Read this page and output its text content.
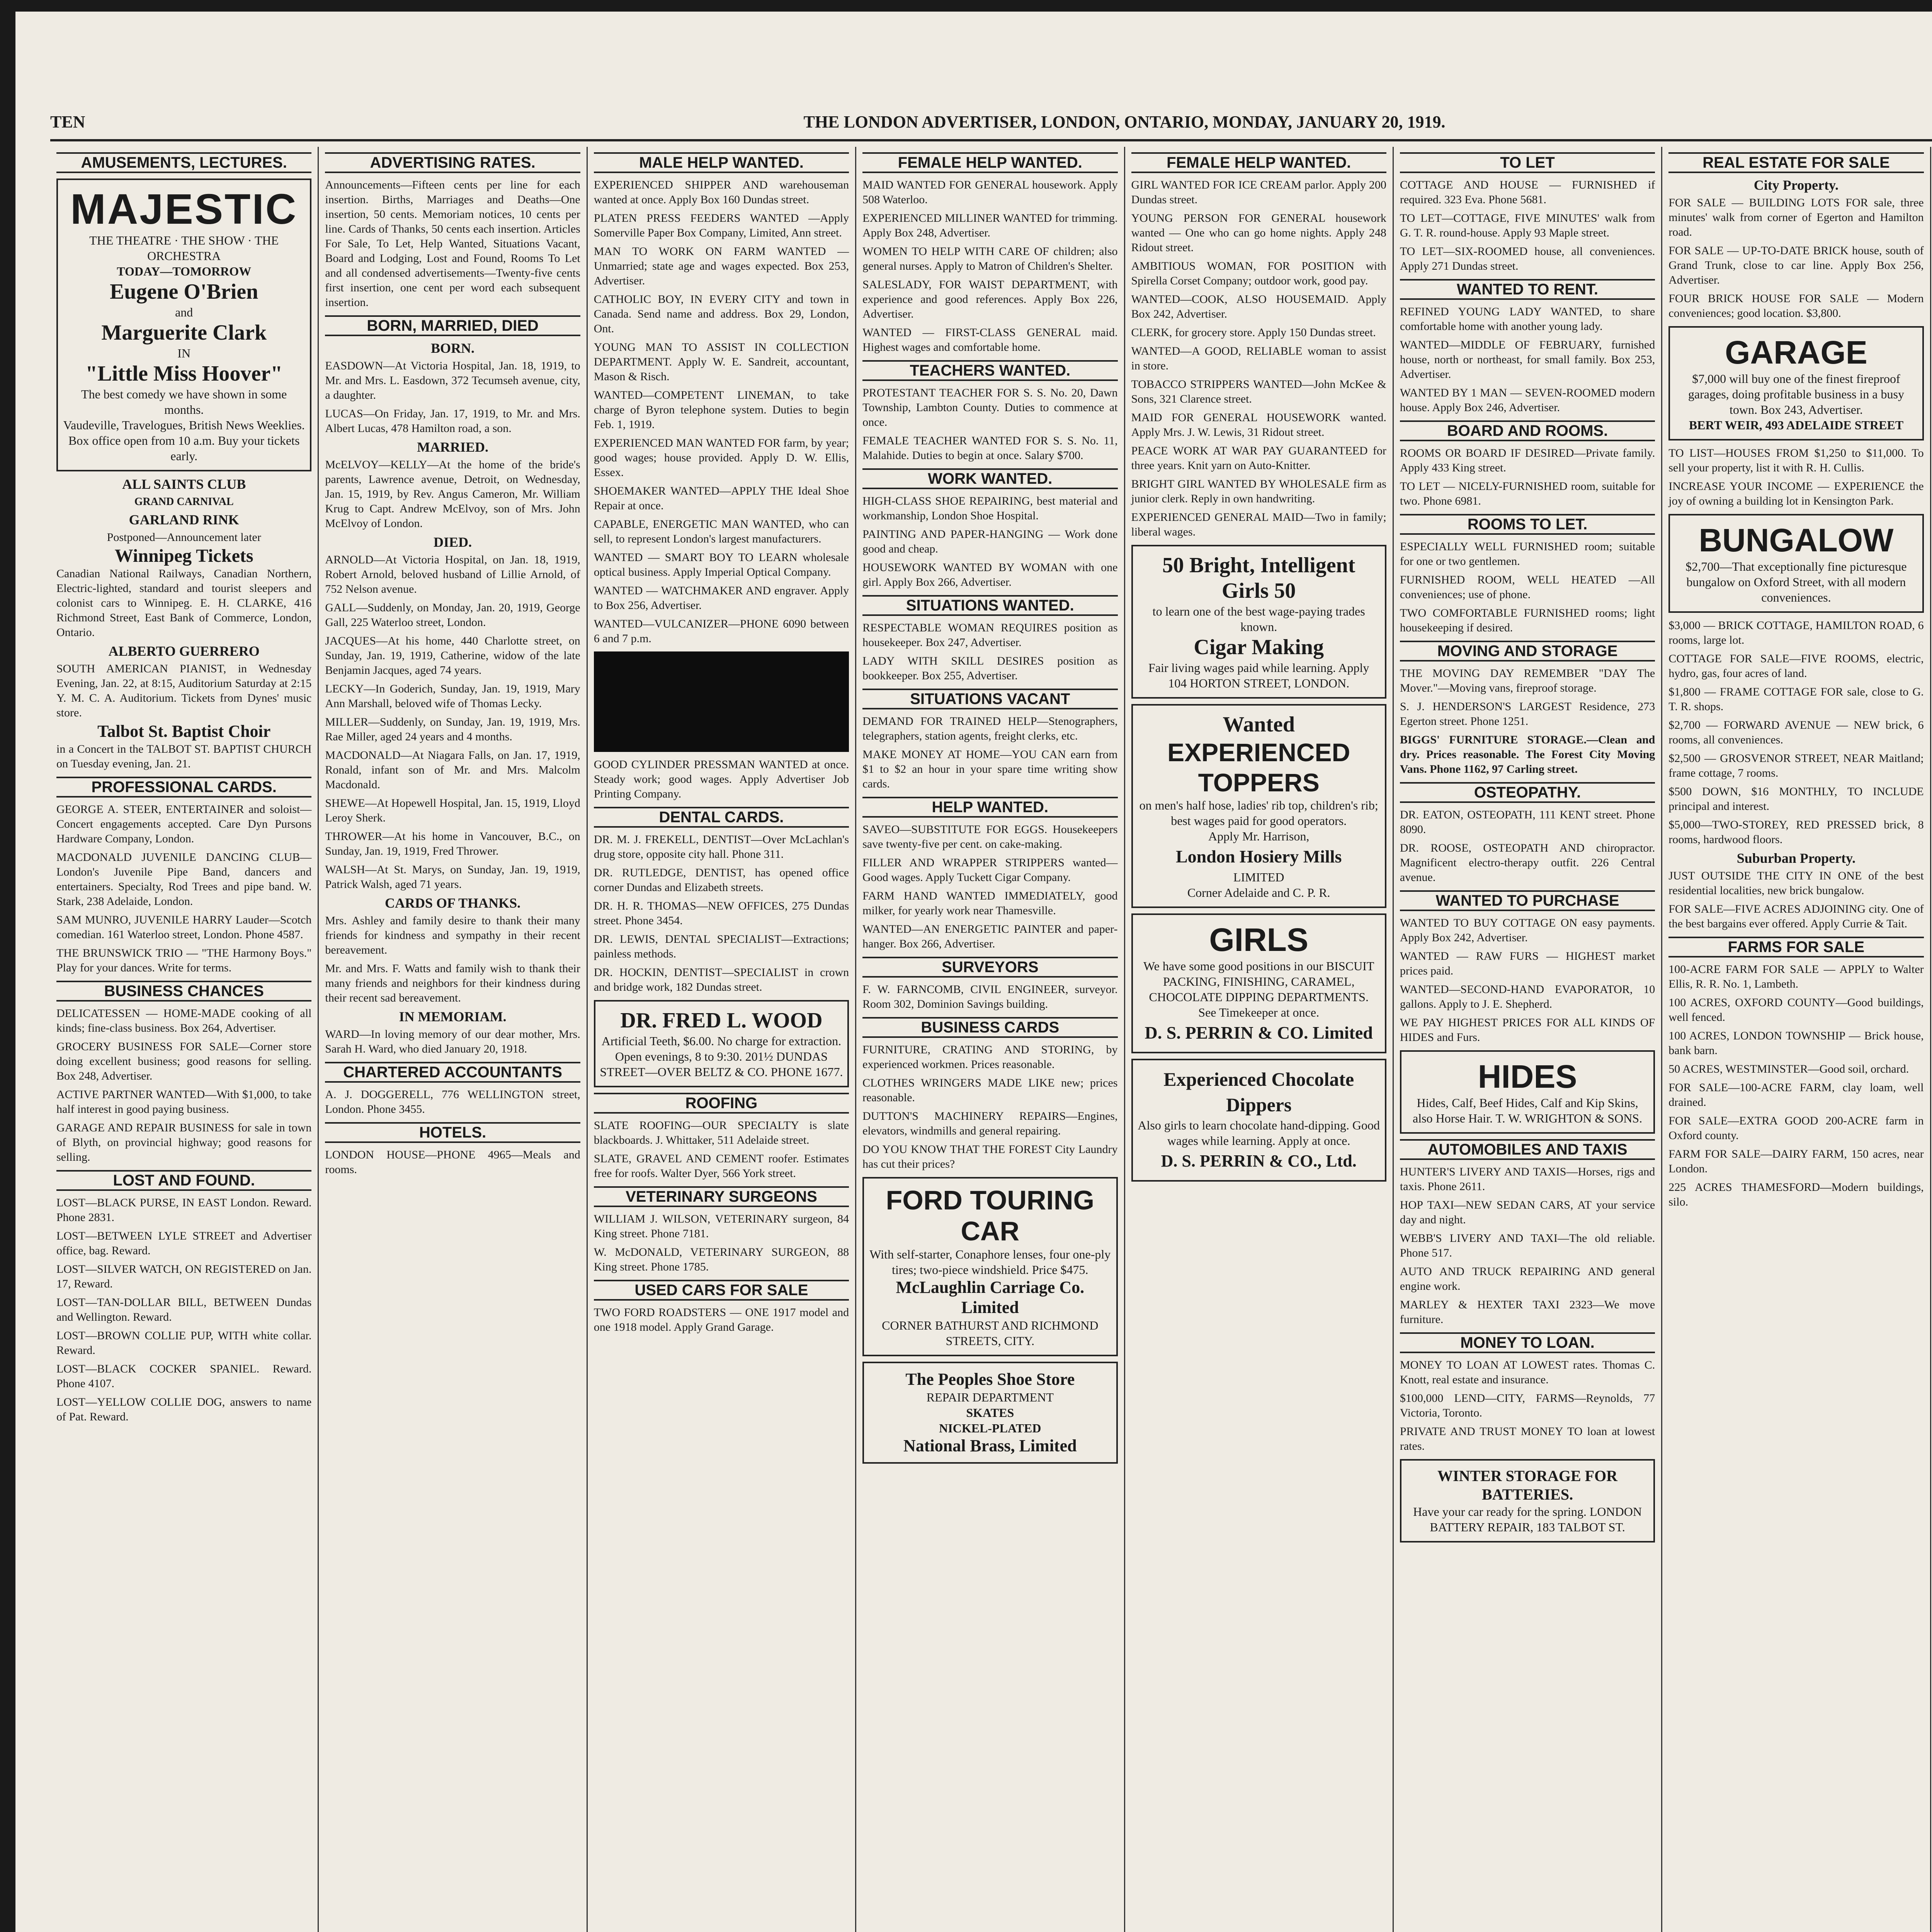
TEN	THE LONDON ADVERTISER, LONDON, ONTARIO, MONDAY, JANUARY 20, 1919.
AMUSEMENTS, LECTURES.
MAJESTIC
THE THEATRE · THE SHOW · THE ORCHESTRA
TODAY—TOMORROW
Eugene O'Brien
and
Marguerite Clark
IN
"Little Miss Hoover"
The best comedy we have shown in some months.
Vaudeville, Travelogues, British News Weeklies.
Box office open from 10 a.m. Buy your tickets early.
ALL SAINTS CLUB
GRAND CARNIVAL
GARLAND RINK
Postponed—Announcement later
Winnipeg Tickets
Canadian National Railways, Canadian Northern, Electric-lighted, standard and tourist sleepers and colonist cars to Winnipeg. E. H. CLARKE, 416 Richmond Street, East Bank of Commerce, London, Ontario.
ALBERTO GUERRERO
SOUTH AMERICAN PIANIST, in Wednesday Evening, Jan. 22, at 8:15, Auditorium Saturday at 2:15 Y. M. C. A. Auditorium. Tickets from Dynes' music store.
Talbot St. Baptist Choir
in a Concert in the TALBOT ST. BAPTIST CHURCH on Tuesday evening, Jan. 21.
PROFESSIONAL CARDS.
GEORGE A. STEER, ENTERTAINER and soloist—Concert engagements accepted. Care Dyn Pursons Hardware Company, London.
MACDONALD JUVENILE DANCING CLUB—London's Juvenile Pipe Band, dancers and entertainers. Specialty, Rod Trees and pipe band. W. Stark, 238 Adelaide, London.
SAM MUNRO, JUVENILE HARRY Lauder—Scotch comedian. 161 Waterloo street, London. Phone 4587.
THE BRUNSWICK TRIO — "THE Harmony Boys." Play for your dances. Write for terms.
BUSINESS CHANCES
DELICATESSEN — HOME-MADE cooking of all kinds; fine-class business. Box 264, Advertiser.
GROCERY BUSINESS FOR SALE—Corner store doing excellent business; good reasons for selling. Box 248, Advertiser.
ACTIVE PARTNER WANTED—With $1,000, to take half interest in good paying business.
GARAGE AND REPAIR BUSINESS for sale in town of Blyth, on provincial highway; good reasons for selling.
LOST AND FOUND.
LOST—BLACK PURSE, IN EAST London. Reward. Phone 2831.
LOST—BETWEEN LYLE STREET and Advertiser office, bag. Reward.
LOST—SILVER WATCH, ON REGISTERED on Jan. 17, Reward.
LOST—TAN-DOLLAR BILL, BETWEEN Dundas and Wellington. Reward.
LOST—BROWN COLLIE PUP, WITH white collar. Reward.
LOST—BLACK COCKER SPANIEL. Reward. Phone 4107.
LOST—YELLOW COLLIE DOG, answers to name of Pat. Reward.
ADVERTISING RATES.
Announcements—Fifteen cents per line for each insertion. Births, Marriages and Deaths—One insertion, 50 cents. Memoriam notices, 10 cents per line. Cards of Thanks, 50 cents each insertion. Articles For Sale, To Let, Help Wanted, Situations Vacant, Board and Lodging, Lost and Found, Rooms To Let and all condensed advertisements—Twenty-five cents first insertion, one cent per word each subsequent insertion.
BORN, MARRIED, DIED
BORN.
EASDOWN—At Victoria Hospital, Jan. 18, 1919, to Mr. and Mrs. L. Easdown, 372 Tecumseh avenue, city, a daughter.
LUCAS—On Friday, Jan. 17, 1919, to Mr. and Mrs. Albert Lucas, 478 Hamilton road, a son.
MARRIED.
McELVOY—KELLY—At the home of the bride's parents, Lawrence avenue, Detroit, on Wednesday, Jan. 15, 1919, by Rev. Angus Cameron, Mr. William Krug to Capt. Andrew McElvoy, son of Mrs. John McElvoy of London.
DIED.
ARNOLD—At Victoria Hospital, on Jan. 18, 1919, Robert Arnold, beloved husband of Lillie Arnold, of 752 Nelson avenue.
GALL—Suddenly, on Monday, Jan. 20, 1919, George Gall, 225 Waterloo street, London.
JACQUES—At his home, 440 Charlotte street, on Sunday, Jan. 19, 1919, Catherine, widow of the late Benjamin Jacques, aged 74 years.
LECKY—In Goderich, Sunday, Jan. 19, 1919, Mary Ann Marshall, beloved wife of Thomas Lecky.
MILLER—Suddenly, on Sunday, Jan. 19, 1919, Mrs. Rae Miller, aged 24 years and 4 months.
MACDONALD—At Niagara Falls, on Jan. 17, 1919, Ronald, infant son of Mr. and Mrs. Malcolm Macdonald.
SHEWE—At Hopewell Hospital, Jan. 15, 1919, Lloyd Leroy Sherk.
THROWER—At his home in Vancouver, B.C., on Sunday, Jan. 19, 1919, Fred Thrower.
WALSH—At St. Marys, on Sunday, Jan. 19, 1919, Patrick Walsh, aged 71 years.
CARDS OF THANKS.
Mrs. Ashley and family desire to thank their many friends for kindness and sympathy in their recent bereavement.
Mr. and Mrs. F. Watts and family wish to thank their many friends and neighbors for their kindness during their recent sad bereavement.
IN MEMORIAM.
WARD—In loving memory of our dear mother, Mrs. Sarah H. Ward, who died January 20, 1918.
CHARTERED ACCOUNTANTS
A. J. DOGGERELL, 776 WELLINGTON street, London. Phone 3455.
HOTELS.
LONDON HOUSE—PHONE 4965—Meals and rooms.
MALE HELP WANTED.
EXPERIENCED SHIPPER AND warehouseman wanted at once. Apply Box 160 Dundas street.
PLATEN PRESS FEEDERS WANTED —Apply Somerville Paper Box Company, Limited, Ann street.
MAN TO WORK ON FARM WANTED —Unmarried; state age and wages expected. Box 253, Advertiser.
CATHOLIC BOY, IN EVERY CITY and town in Canada. Send name and address. Box 29, London, Ont.
YOUNG MAN TO ASSIST IN COLLECTION DEPARTMENT. Apply W. E. Sandreit, accountant, Mason & Risch.
WANTED—COMPETENT LINEMAN, to take charge of Byron telephone system. Duties to begin Feb. 1, 1919.
EXPERIENCED MAN WANTED FOR farm, by year; good wages; house provided. Apply D. W. Ellis, Essex.
SHOEMAKER WANTED—APPLY THE Ideal Shoe Repair at once.
CAPABLE, ENERGETIC MAN WANTED, who can sell, to represent London's largest manufacturers.
WANTED — SMART BOY TO LEARN wholesale optical business. Apply Imperial Optical Company.
WANTED — WATCHMAKER AND engraver. Apply to Box 256, Advertiser.
WANTED—VULCANIZER—PHONE 6090 between 6 and 7 p.m.
GOOD CYLINDER PRESSMAN WANTED at once. Steady work; good wages. Apply Advertiser Job Printing Company.
DENTAL CARDS.
DR. M. J. FREKELL, DENTIST—Over McLachlan's drug store, opposite city hall. Phone 311.
DR. RUTLEDGE, DENTIST, has opened office corner Dundas and Elizabeth streets.
DR. H. R. THOMAS—NEW OFFICES, 275 Dundas street. Phone 3454.
DR. LEWIS, DENTAL SPECIALIST—Extractions; painless methods.
DR. HOCKIN, DENTIST—SPECIALIST in crown and bridge work, 182 Dundas street.
DR. FRED L. WOOD
Artificial Teeth, $6.00. No charge for extraction. Open evenings, 8 to 9:30. 201½ DUNDAS STREET—OVER BELTZ & CO. PHONE 1677.
ROOFING
SLATE ROOFING—OUR SPECIALTY is slate blackboards. J. Whittaker, 511 Adelaide street.
SLATE, GRAVEL AND CEMENT roofer. Estimates free for roofs. Walter Dyer, 566 York street.
VETERINARY SURGEONS
WILLIAM J. WILSON, VETERINARY surgeon, 84 King street. Phone 7181.
W. McDONALD, VETERINARY SURGEON, 88 King street. Phone 1785.
USED CARS FOR SALE
TWO FORD ROADSTERS — ONE 1917 model and one 1918 model. Apply Grand Garage.
FEMALE HELP WANTED.
MAID WANTED FOR GENERAL housework. Apply 508 Waterloo.
EXPERIENCED MILLINER WANTED for trimming. Apply Box 248, Advertiser.
WOMEN TO HELP WITH CARE OF children; also general nurses. Apply to Matron of Children's Shelter.
SALESLADY, FOR WAIST DEPARTMENT, with experience and good references. Apply Box 226, Advertiser.
WANTED — FIRST-CLASS GENERAL maid. Highest wages and comfortable home.
TEACHERS WANTED.
PROTESTANT TEACHER FOR S. S. No. 20, Dawn Township, Lambton County. Duties to commence at once.
FEMALE TEACHER WANTED FOR S. S. No. 11, Malahide. Duties to begin at once. Salary $700.
WORK WANTED.
HIGH-CLASS SHOE REPAIRING, best material and workmanship, London Shoe Hospital.
PAINTING AND PAPER-HANGING — Work done good and cheap.
HOUSEWORK WANTED BY WOMAN with one girl. Apply Box 266, Advertiser.
SITUATIONS WANTED.
RESPECTABLE WOMAN REQUIRES position as housekeeper. Box 247, Advertiser.
LADY WITH SKILL DESIRES position as bookkeeper. Box 255, Advertiser.
SITUATIONS VACANT
DEMAND FOR TRAINED HELP—Stenographers, telegraphers, station agents, freight clerks, etc.
MAKE MONEY AT HOME—YOU CAN earn from $1 to $2 an hour in your spare time writing show cards.
HELP WANTED.
SAVEO—SUBSTITUTE FOR EGGS. Housekeepers save twenty-five per cent. on cake-making.
FILLER AND WRAPPER STRIPPERS wanted—Good wages. Apply Tuckett Cigar Company.
FARM HAND WANTED IMMEDIATELY, good milker, for yearly work near Thamesville.
WANTED—AN ENERGETIC PAINTER and paper-hanger. Box 266, Advertiser.
SURVEYORS
F. W. FARNCOMB, CIVIL ENGINEER, surveyor. Room 302, Dominion Savings building.
BUSINESS CARDS
FURNITURE, CRATING AND STORING, by experienced workmen. Prices reasonable.
CLOTHES WRINGERS MADE LIKE new; prices reasonable.
DUTTON'S MACHINERY REPAIRS—Engines, elevators, windmills and general repairing.
DO YOU KNOW THAT THE FOREST City Laundry has cut their prices?
FORD TOURING CAR
With self-starter, Conaphore lenses, four one-ply tires; two-piece windshield. Price $475.
McLaughlin Carriage Co. Limited
CORNER BATHURST AND RICHMOND STREETS, CITY.
The Peoples Shoe Store
REPAIR DEPARTMENT
SKATES
NICKEL-PLATED
National Brass, Limited
FEMALE HELP WANTED.
GIRL WANTED FOR ICE CREAM parlor. Apply 200 Dundas street.
YOUNG PERSON FOR GENERAL housework wanted — One who can go home nights. Apply 248 Ridout street.
AMBITIOUS WOMAN, FOR POSITION with Spirella Corset Company; outdoor work, good pay.
WANTED—COOK, ALSO HOUSEMAID. Apply Box 242, Advertiser.
CLERK, for grocery store. Apply 150 Dundas street.
WANTED—A GOOD, RELIABLE woman to assist in store.
TOBACCO STRIPPERS WANTED—John McKee & Sons, 321 Clarence street.
MAID FOR GENERAL HOUSEWORK wanted. Apply Mrs. J. W. Lewis, 31 Ridout street.
PEACE WORK AT WAR PAY GUARANTEED for three years. Knit yarn on Auto-Knitter.
BRIGHT GIRL WANTED BY WHOLESALE firm as junior clerk. Reply in own handwriting.
EXPERIENCED GENERAL MAID—Two in family; liberal wages.
50 Bright, Intelligent Girls 50
to learn one of the best wage-paying trades known.
Cigar Making
Fair living wages paid while learning. Apply
104 HORTON STREET, LONDON.
Wanted
EXPERIENCED TOPPERS
on men's half hose, ladies' rib top, children's rib; best wages paid for good operators.
Apply Mr. Harrison,
London Hosiery Mills
LIMITED
Corner Adelaide and C. P. R.
GIRLS
We have some good positions in our BISCUIT PACKING, FINISHING, CARAMEL, CHOCOLATE DIPPING DEPARTMENTS.
See Timekeeper at once.
D. S. PERRIN & CO. Limited
Experienced Chocolate Dippers
Also girls to learn chocolate hand-dipping. Good wages while learning. Apply at once.
D. S. PERRIN & CO., Ltd.
TO LET
COTTAGE AND HOUSE — FURNISHED if required. 323 Eva. Phone 5681.
TO LET—COTTAGE, FIVE MINUTES' walk from G. T. R. round-house. Apply 93 Maple street.
TO LET—SIX-ROOMED house, all conveniences. Apply 271 Dundas street.
WANTED TO RENT.
REFINED YOUNG LADY WANTED, to share comfortable home with another young lady.
WANTED—MIDDLE OF FEBRUARY, furnished house, north or northeast, for small family. Box 253, Advertiser.
WANTED BY 1 MAN — SEVEN-ROOMED modern house. Apply Box 246, Advertiser.
BOARD AND ROOMS.
ROOMS OR BOARD IF DESIRED—Private family. Apply 433 King street.
TO LET — NICELY-FURNISHED room, suitable for two. Phone 6981.
ROOMS TO LET.
ESPECIALLY WELL FURNISHED room; suitable for one or two gentlemen.
FURNISHED ROOM, WELL HEATED —All conveniences; use of phone.
TWO COMFORTABLE FURNISHED rooms; light housekeeping if desired.
MOVING AND STORAGE
THE MOVING DAY REMEMBER "DAY The Mover."—Moving vans, fireproof storage.
S. J. HENDERSON'S LARGEST Residence, 273 Egerton street. Phone 1251.
BIGGS' FURNITURE STORAGE.—Clean and dry. Prices reasonable. The Forest City Moving Vans. Phone 1162, 97 Carling street.
OSTEOPATHY.
DR. EATON, OSTEOPATH, 111 KENT street. Phone 8090.
DR. ROOSE, OSTEOPATH AND chiropractor. Magnificent electro-therapy outfit. 226 Central avenue.
WANTED TO PURCHASE
WANTED TO BUY COTTAGE ON easy payments. Apply Box 242, Advertiser.
WANTED — RAW FURS — HIGHEST market prices paid.
WANTED—SECOND-HAND EVAPORATOR, 10 gallons. Apply to J. E. Shepherd.
WE PAY HIGHEST PRICES FOR ALL KINDS OF HIDES and Furs.
HIDES
Hides, Calf, Beef Hides, Calf and Kip Skins, also Horse Hair. T. W. WRIGHTON & SONS.
AUTOMOBILES AND TAXIS
HUNTER'S LIVERY AND TAXIS—Horses, rigs and taxis. Phone 2611.
HOP TAXI—NEW SEDAN CARS, AT your service day and night.
WEBB'S LIVERY AND TAXI—The old reliable. Phone 517.
AUTO AND TRUCK REPAIRING AND general engine work.
MARLEY & HEXTER TAXI 2323—We move furniture.
MONEY TO LOAN.
MONEY TO LOAN AT LOWEST rates. Thomas C. Knott, real estate and insurance.
$100,000 LEND—CITY, FARMS—Reynolds, 77 Victoria, Toronto.
PRIVATE AND TRUST MONEY TO loan at lowest rates.
WINTER STORAGE FOR BATTERIES.
Have your car ready for the spring. LONDON BATTERY REPAIR, 183 TALBOT ST.
REAL ESTATE FOR SALE
City Property.
FOR SALE — BUILDING LOTS FOR sale, three minutes' walk from corner of Egerton and Hamilton road.
FOR SALE — UP-TO-DATE BRICK house, south of Grand Trunk, close to car line. Apply Box 256, Advertiser.
FOUR BRICK HOUSE FOR SALE — Modern conveniences; good location. $3,800.
GARAGE
$7,000 will buy one of the finest fireproof garages, doing profitable business in a busy town. Box 243, Advertiser.
BERT WEIR, 493 ADELAIDE STREET
TO LIST—HOUSES FROM $1,250 to $11,000. To sell your property, list it with R. H. Cullis.
INCREASE YOUR INCOME — EXPERIENCE the joy of owning a building lot in Kensington Park.
BUNGALOW
$2,700—That exceptionally fine picturesque bungalow on Oxford Street, with all modern conveniences.
$3,000 — BRICK COTTAGE, HAMILTON ROAD, 6 rooms, large lot.
COTTAGE FOR SALE—FIVE ROOMS, electric, hydro, gas, four acres of land.
$1,800 — FRAME COTTAGE FOR sale, close to G. T. R. shops.
$2,700 — FORWARD AVENUE — NEW brick, 6 rooms, all conveniences.
$2,500 — GROSVENOR STREET, NEAR Maitland; frame cottage, 7 rooms.
$500 DOWN, $16 MONTHLY, TO INCLUDE principal and interest.
$5,000—TWO-STOREY, RED PRESSED brick, 8 rooms, hardwood floors.
Suburban Property.
JUST OUTSIDE THE CITY IN ONE of the best residential localities, new brick bungalow.
FOR SALE—FIVE ACRES ADJOINING city. One of the best bargains ever offered. Apply Currie & Tait.
FARMS FOR SALE
100-ACRE FARM FOR SALE — APPLY to Walter Ellis, R. R. No. 1, Lambeth.
100 ACRES, OXFORD COUNTY—Good buildings, well fenced.
100 ACRES, LONDON TOWNSHIP — Brick house, bank barn.
50 ACRES, WESTMINSTER—Good soil, orchard.
FOR SALE—100-ACRE FARM, clay loam, well drained.
FOR SALE—EXTRA GOOD 200-ACRE farm in Oxford county.
FARM FOR SALE—DAIRY FARM, 150 acres, near London.
225 ACRES THAMESFORD—Modern buildings, silo.
